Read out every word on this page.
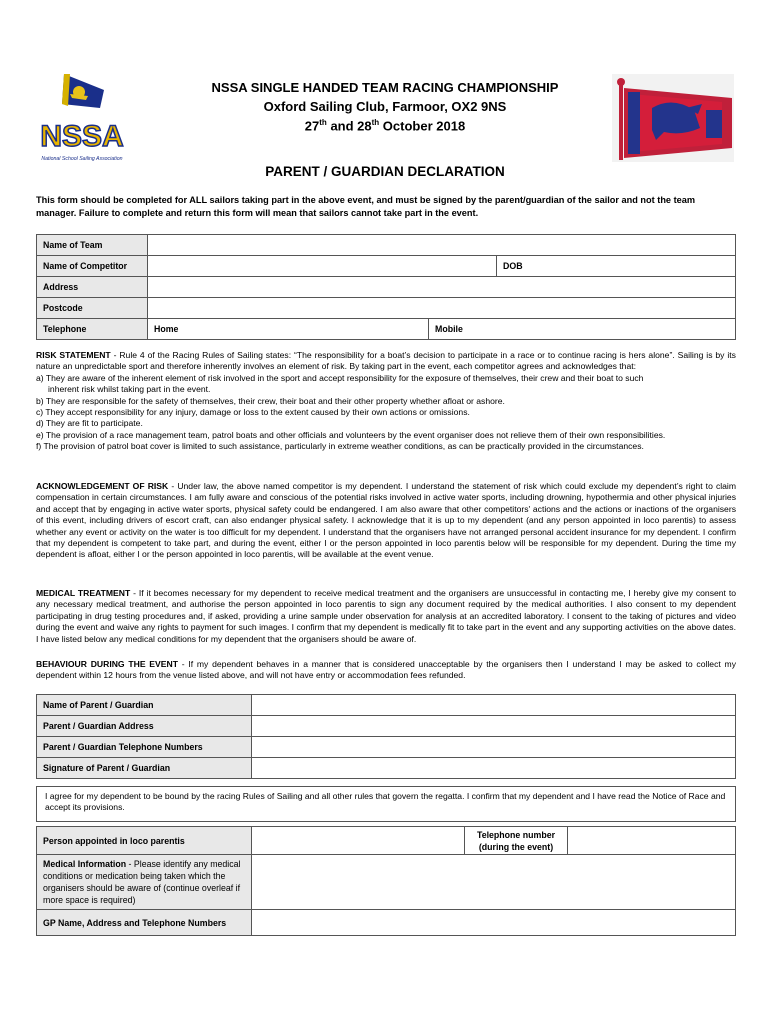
NSSA
National School Sailing Association
NSSA SINGLE HANDED TEAM RACING CHAMPIONSHIP
Oxford Sailing Club, Farmoor, OX2 9NS
27th and 28th October 2018
PARENT / GUARDIAN DECLARATION
This form should be completed for ALL sailors taking part in the above event, and must be signed by the parent/guardian of the sailor and not the team manager. Failure to complete and return this form will mean that sailors cannot take part in the event.
Name of Team			
Name of Competitor			DOB
Address			
Postcode			
Telephone	Home	Mobile	
RISK STATEMENT - Rule 4 of the Racing Rules of Sailing states: “The responsibility for a boat’s decision to participate in a race or to continue racing is hers alone”. Sailing is by its nature an unpredictable sport and therefore inherently involves an element of risk. By taking part in the event, each competitor agrees and acknowledges that:
a) They are aware of the inherent element of risk involved in the sport and accept responsibility for the exposure of themselves, their crew and their boat to such
inherent risk whilst taking part in the event.
b) They are responsible for the safety of themselves, their crew, their boat and their other property whether afloat or ashore.
c) They accept responsibility for any injury, damage or loss to the extent caused by their own actions or omissions.
d) They are fit to participate.
e) The provision of a race management team, patrol boats and other officials and volunteers by the event organiser does not relieve them of their own responsibilities.
f) The provision of patrol boat cover is limited to such assistance, particularly in extreme weather conditions, as can be practically provided in the circumstances.
ACKNOWLEDGEMENT OF RISK - Under law, the above named competitor is my dependent. I understand the statement of risk which could exclude my dependent’s right to claim compensation in certain circumstances. I am fully aware and conscious of the potential risks involved in active water sports, including drowning, hypothermia and other physical injuries and accept that by engaging in active water sports, physical safety could be endangered. I am also aware that other competitors' actions and the actions or inactions of the organisers of this event, including drivers of escort craft, can also endanger physical safety. I acknowledge that it is up to my dependent (and any person appointed in loco parentis) to assess whether any event or activity on the water is too difficult for my dependent. I understand that the organisers have not arranged personal accident insurance for my dependent. I confirm that my dependent is competent to take part, and during the event, either I or the person appointed in loco parentis below will be responsible for my dependent. During the time my dependent is afloat, either I or the person appointed in loco parentis, will be available at the event venue.
MEDICAL TREATMENT - If it becomes necessary for my dependent to receive medical treatment and the organisers are unsuccessful in contacting me, I hereby give my consent to any necessary medical treatment, and authorise the person appointed in loco parentis to sign any document required by the medical authorities. I also consent to my dependent participating in drug testing procedures and, if asked, providing a urine sample under observation for analysis at an accredited laboratory. I consent to the taking of pictures and video during the event and waive any rights to payment for such images. I confirm that my dependent is medically fit to take part in the event and any supporting activities on the above dates. I have listed below any medical conditions for my dependent that the organisers should be aware of.
BEHAVIOUR DURING THE EVENT - If my dependent behaves in a manner that is considered unacceptable by the organisers then I understand I may be asked to collect my dependent within 12 hours from the venue listed above, and will not have entry or accommodation fees refunded.
Name of Parent / Guardian	
Parent / Guardian Address	
Parent / Guardian Telephone Numbers	
Signature of Parent / Guardian	
I agree for my dependent to be bound by the racing Rules of Sailing and all other rules that govern the regatta. I confirm that my dependent and I have read the Notice of Race and accept its provisions.
Person appointed in loco parentis		Telephone number
(during the event)	
Medical Information - Please identify any medical conditions or medication being taken which the organisers should be aware of (continue overleaf if more space is required)			
GP Name, Address and Telephone Numbers			
